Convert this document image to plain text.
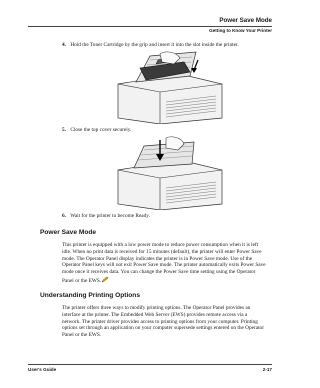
Power Save Mode
Getting to Know Your Printer
4. Hold the Toner Cartridge by the grip and insert it into the slot inside the printer.
5. Close the top cover securely.
6. Wait for the printer to become Ready.
Power Save Mode
This printer is equipped with a low power mode to reduce power consumption when it is left
idle. When no print data is received for 15 minutes (default), the printer will enter Power Save
mode. The Operator Panel display indicates the printer is in Power Save mode. Use of the
Operator Panel keys will not exit Power Save mode. The printer automatically exits Power Save
mode once it receives data. You can change the Power Save time setting using the Operator
Panel or the EWS.
Understanding Printing Options
The printer offers three ways to modify printing options. The Operator Panel provides an
interface at the printer. The Embedded Web Server (EWS) provides remote access via a
network. The printer driver provides access to printing options from your computer. Printing
options set through an application on your computer supersede settings entered on the Operator
Panel or the EWS.
User's Guide	2-17
